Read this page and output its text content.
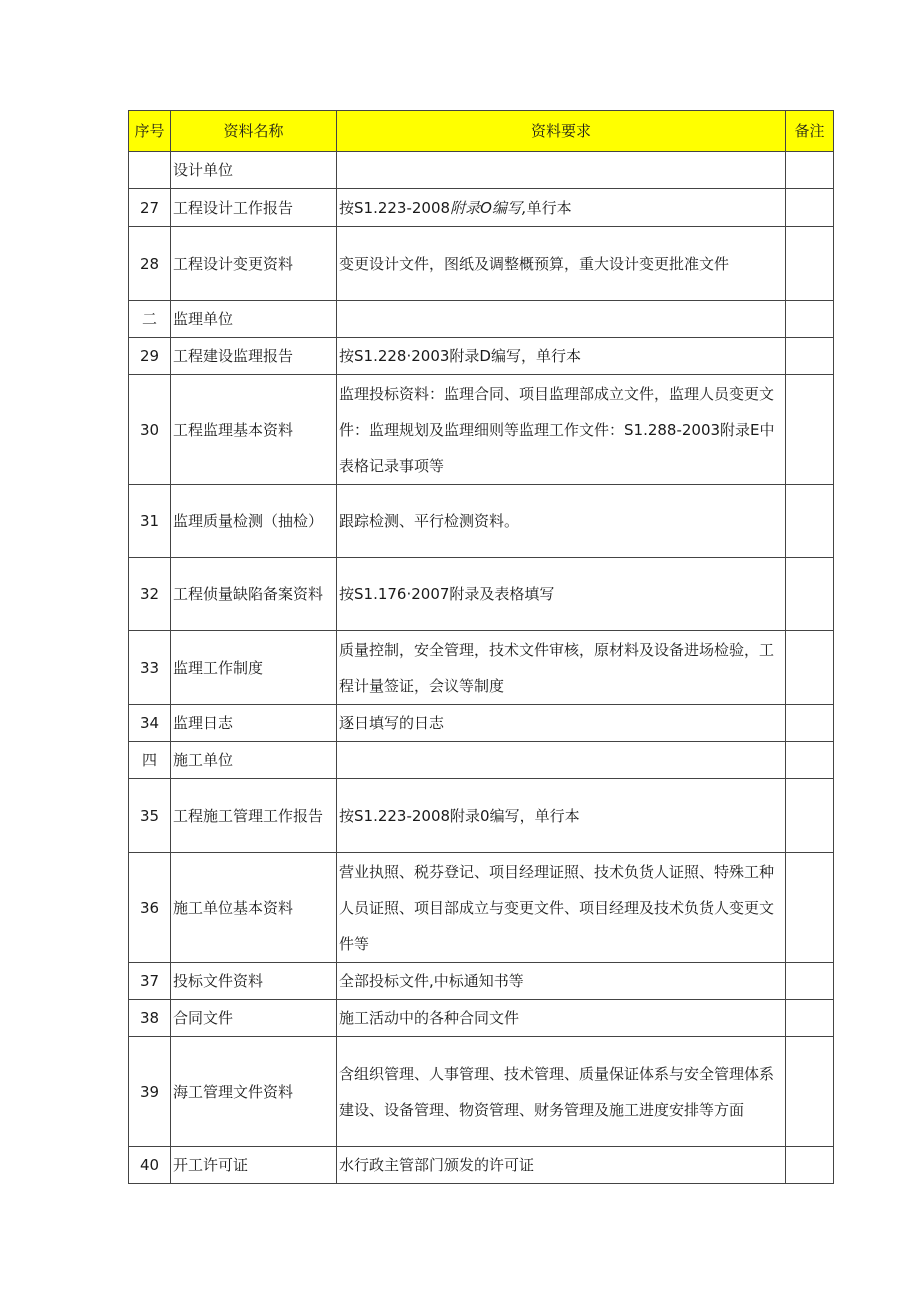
序号	资料名称	资料要求	备注
	设计单位		
27	工程设计工作报告	按S1.223-2008附录O编写,单行本	
28	工程设计变更资料	变更设计文件，图纸及调整概预算，重大设计变更批准文件	
二	监理单位		
29	工程建设监理报告	按S1.228·2003附录D编写，单行本	
30	工程监理基本资料	监理投标资料：监理合同、项目监理部成立文件，监理人员变更文件：监理规划及监理细则等监理工作文件：S1.288-2003附录E中表格记录事项等	
31	监理质量检测（抽检）	跟踪检测、平行检测资料。	
32	工程侦量缺陷备案资料	按S1.176·2007附录及表格填写	
33	监理工作制度	质量控制，安全管理，技术文件审核，原材料及设备进场检验，工程计量签证，会议等制度	
34	监理日志	逐日填写的日志	
四	施工单位		
35	工程施工管理工作报告	按S1.223-2008附录0编写，单行本	
36	施工单位基本资料	营业执照、税芬登记、项目经理证照、技术负货人证照、特殊工种人员证照、项目部成立与变更文件、项目经理及技术负货人变更文件等	
37	投标文件资料	全部投标文件,中标通知书等	
38	合同文件	施工活动中的各种合同文件	
39	海工管理文件资料	含组织管理、人事管理、技术管理、质量保证体系与安全管理体系建设、设备管理、物资管理、财务管理及施工进度安排等方面	
40	开工许可证	水行政主管部门颁发的许可证	
